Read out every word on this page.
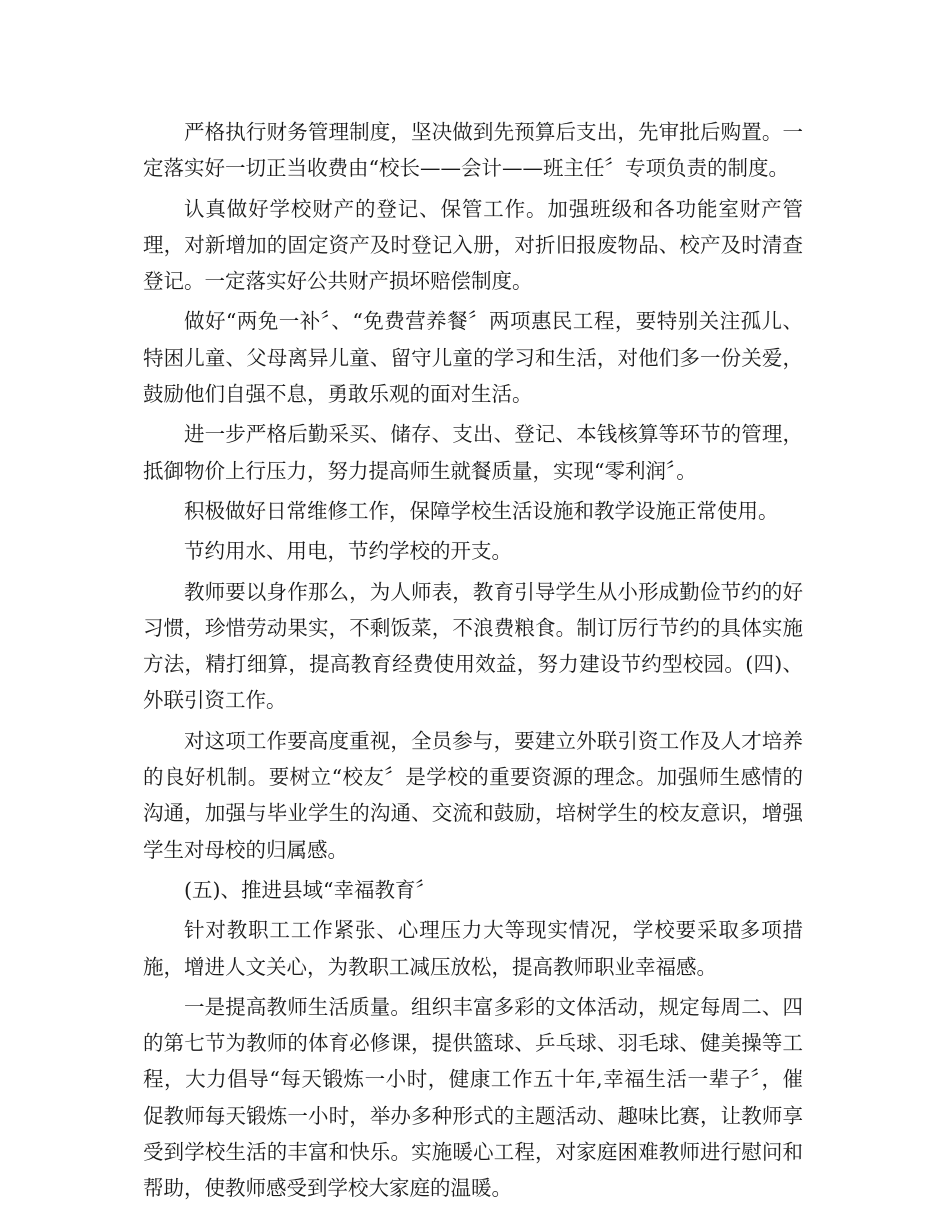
严格执行财务管理制度，坚决做到先预算后支出，先审批后购置。一定落实好一切正当收费由“校长——会计——班主任〞专项负责的制度。

认真做好学校财产的登记、保管工作。加强班级和各功能室财产管理，对新增加的固定资产及时登记入册，对折旧报废物品、校产及时清查登记。一定落实好公共财产损坏赔偿制度。

做好“两免一补〞、“免费营养餐〞两项惠民工程，要特别关注孤儿、特困儿童、父母离异儿童、留守儿童的学习和生活，对他们多一份关爱，鼓励他们自强不息，勇敢乐观的面对生活。

进一步严格后勤采买、储存、支出、登记、本钱核算等环节的管理，抵御物价上行压力，努力提高师生就餐质量，实现“零利润〞。

积极做好日常维修工作，保障学校生活设施和教学设施正常使用。

节约用水、用电，节约学校的开支。

教师要以身作那么，为人师表，教育引导学生从小形成勤俭节约的好习惯，珍惜劳动果实，不剩饭菜，不浪费粮食。制订厉行节约的具体实施方法，精打细算，提高教育经费使用效益，努力建设节约型校园。(四)、外联引资工作。

对这项工作要高度重视，全员参与，要建立外联引资工作及人才培养的良好机制。要树立“校友〞是学校的重要资源的理念。加强师生感情的沟通，加强与毕业学生的沟通、交流和鼓励，培树学生的校友意识，增强学生对母校的归属感。

(五)、推进县域“幸福教育〞

针对教职工工作紧张、心理压力大等现实情况，学校要采取多项措施，增进人文关心，为教职工减压放松，提高教师职业幸福感。

一是提高教师生活质量。组织丰富多彩的文体活动，规定每周二、四的第七节为教师的体育必修课，提供篮球、乒乓球、羽毛球、健美操等工程，大力倡导“每天锻炼一小时，健康工作五十年,幸福生活一辈子〞，催促教师每天锻炼一小时，举办多种形式的主题活动、趣味比赛，让教师享受到学校生活的丰富和快乐。实施暖心工程，对家庭困难教师进行慰问和帮助，使教师感受到学校大家庭的温暖。
